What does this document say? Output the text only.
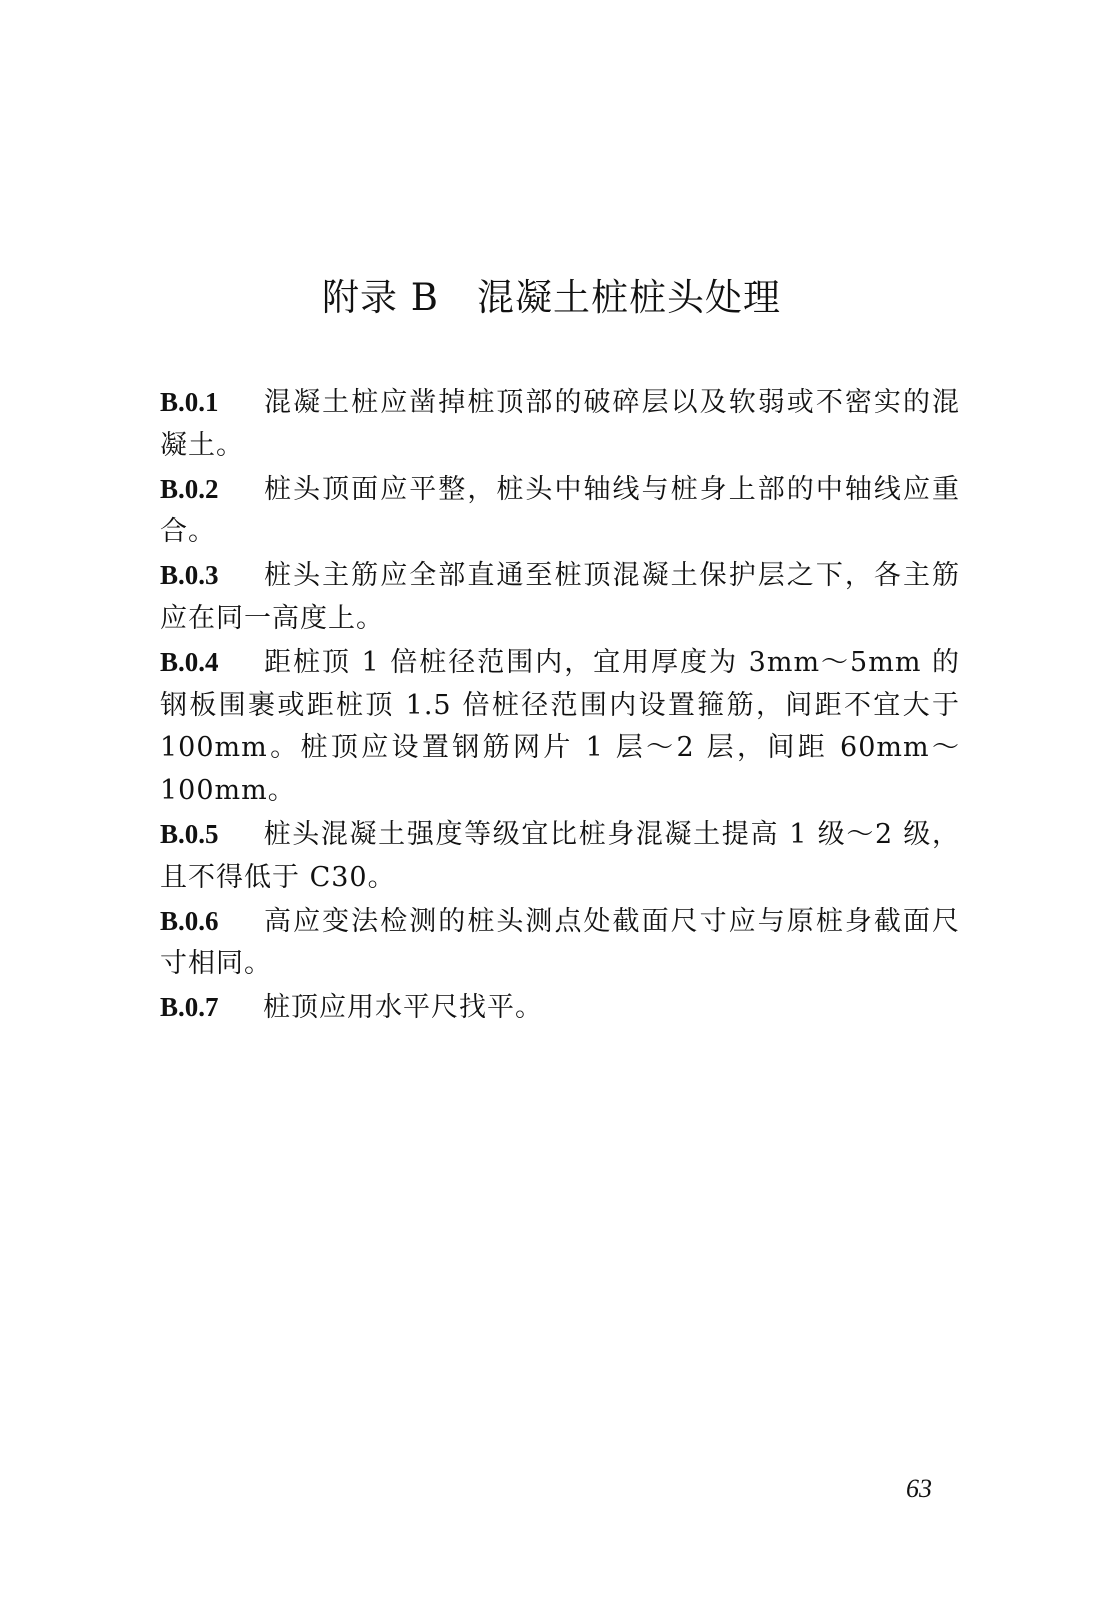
附录 B 混凝土桩桩头处理

B.0.1 混凝土桩应凿掉桩顶部的破碎层以及软弱或不密实的混凝土。

B.0.2 桩头顶面应平整，桩头中轴线与桩身上部的中轴线应重合。

B.0.3 桩头主筋应全部直通至桩顶混凝土保护层之下，各主筋应在同一高度上。

B.0.4 距桩顶 1 倍桩径范围内，宜用厚度为 3mm～5mm 的钢板围裹或距桩顶 1.5 倍桩径范围内设置箍筋，间距不宜大于 100mm。桩顶应设置钢筋网片 1 层～2 层，间距 60mm～100mm。

B.0.5 桩头混凝土强度等级宜比桩身混凝土提高 1 级～2 级，且不得低于 C30。

B.0.6 高应变法检测的桩头测点处截面尺寸应与原桩身截面尺寸相同。

B.0.7 桩顶应用水平尺找平。

63
